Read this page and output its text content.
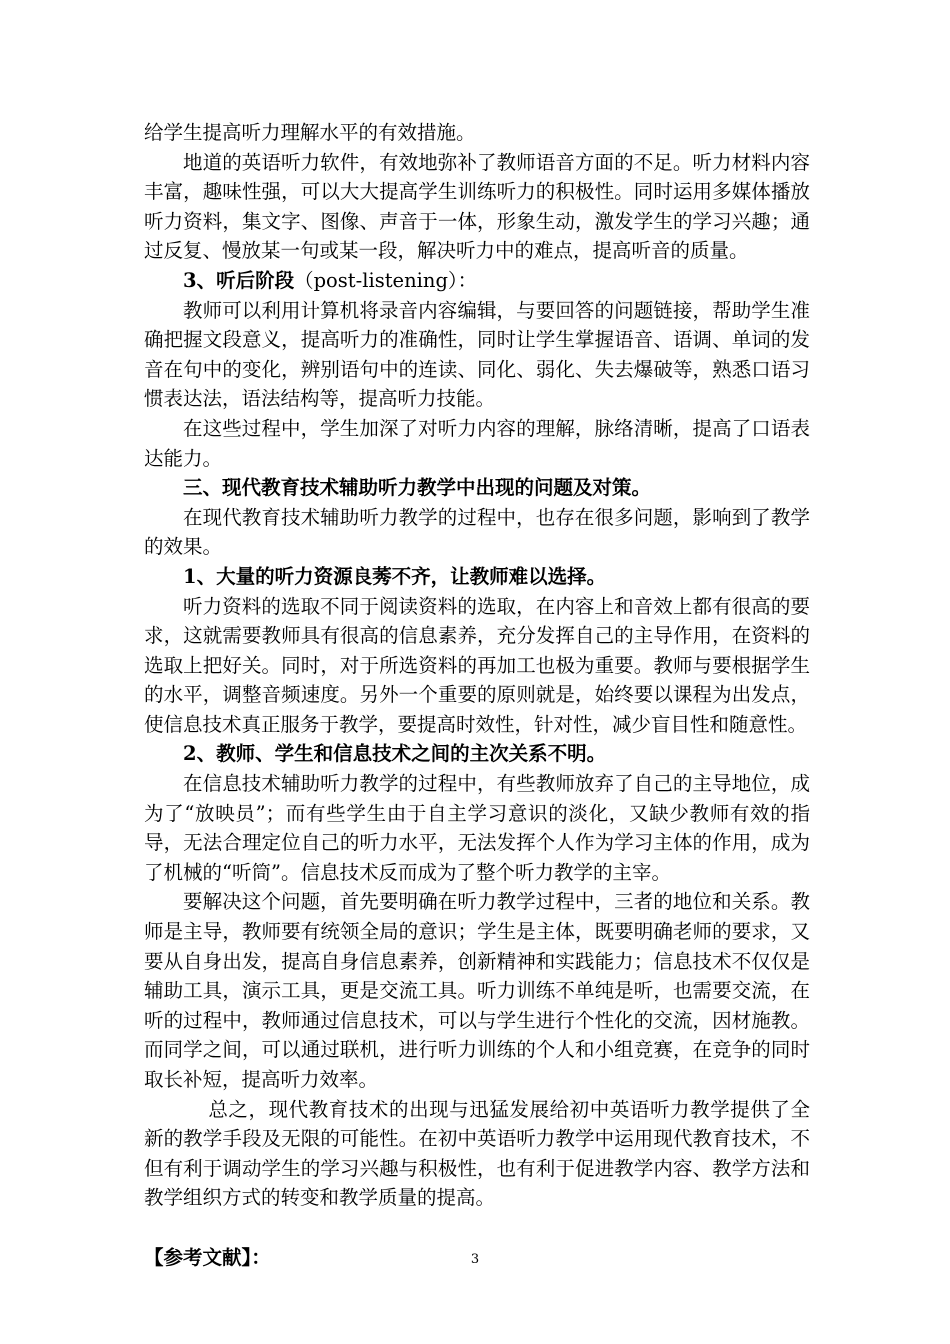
给学生提高听力理解水平的有效措施。

地道的英语听力软件，有效地弥补了教师语音方面的不足。听力材料内容丰富，趣味性强，可以大大提高学生训练听力的积极性。同时运用多媒体播放听力资料，集文字、图像、声音于一体，形象生动，激发学生的学习兴趣；通过反复、慢放某一句或某一段，解决听力中的难点，提高听音的质量。

3、听后阶段（post-listening）：

教师可以利用计算机将录音内容编辑，与要回答的问题链接，帮助学生准确把握文段意义，提高听力的准确性，同时让学生掌握语音、语调、单词的发音在句中的变化，辨别语句中的连读、同化、弱化、失去爆破等，熟悉口语习惯表达法，语法结构等，提高听力技能。

在这些过程中，学生加深了对听力内容的理解，脉络清晰，提高了口语表达能力。

三、现代教育技术辅助听力教学中出现的问题及对策。

在现代教育技术辅助听力教学的过程中，也存在很多问题，影响到了教学的效果。

1、大量的听力资源良莠不齐，让教师难以选择。

听力资料的选取不同于阅读资料的选取，在内容上和音效上都有很高的要求，这就需要教师具有很高的信息素养，充分发挥自己的主导作用，在资料的选取上把好关。同时，对于所选资料的再加工也极为重要。教师与要根据学生的水平，调整音频速度。另外一个重要的原则就是，始终要以课程为出发点，使信息技术真正服务于教学，要提高时效性，针对性，减少盲目性和随意性。

2、教师、学生和信息技术之间的主次关系不明。

在信息技术辅助听力教学的过程中，有些教师放弃了自己的主导地位，成为了“放映员”；而有些学生由于自主学习意识的淡化，又缺少教师有效的指导，无法合理定位自己的听力水平，无法发挥个人作为学习主体的作用，成为了机械的“听筒”。信息技术反而成为了整个听力教学的主宰。

要解决这个问题，首先要明确在听力教学过程中，三者的地位和关系。教师是主导，教师要有统领全局的意识；学生是主体，既要明确老师的要求，又要从自身出发，提高自身信息素养，创新精神和实践能力；信息技术不仅仅是辅助工具，演示工具，更是交流工具。听力训练不单纯是听，也需要交流，在听的过程中，教师通过信息技术，可以与学生进行个性化的交流，因材施教。而同学之间，可以通过联机，进行听力训练的个人和小组竞赛，在竞争的同时取长补短，提高听力效率。

总之，现代教育技术的出现与迅猛发展给初中英语听力教学提供了全新的教学手段及无限的可能性。在初中英语听力教学中运用现代教育技术，不但有利于调动学生的学习兴趣与积极性，也有利于促进教学内容、教学方法和教学组织方式的转变和教学质量的提高。

【参考文献】：	3
